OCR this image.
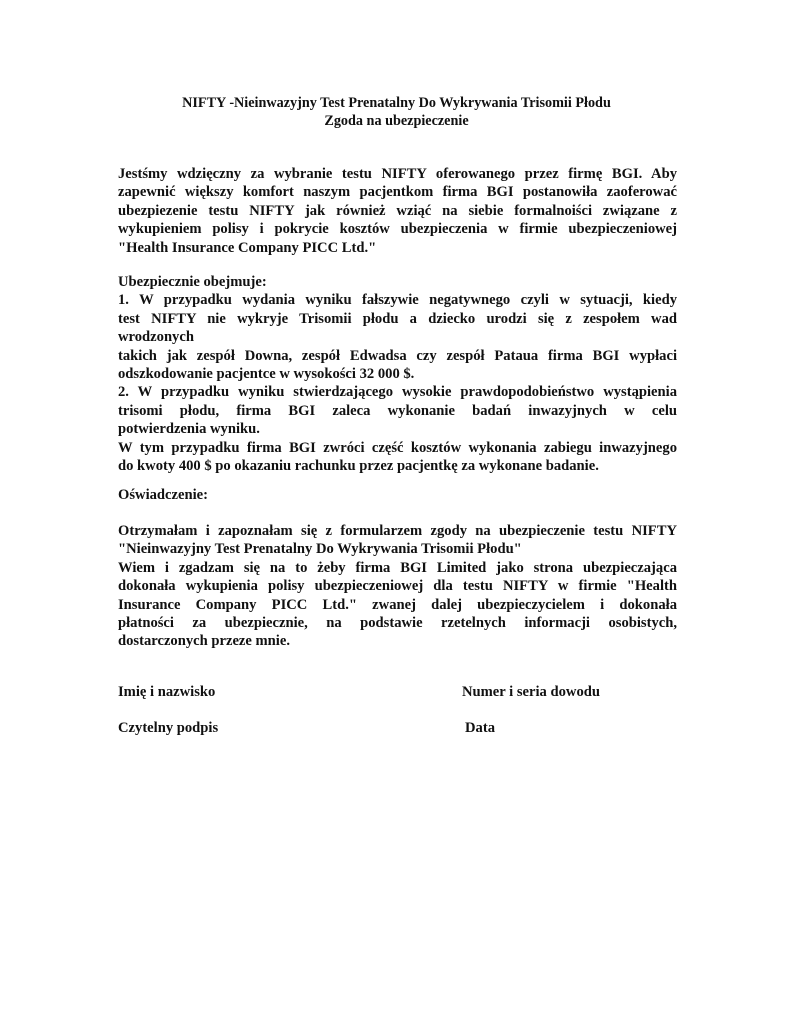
NIFTY -Nieinwazyjny Test Prenatalny Do Wykrywania Trisomii Płodu
Zgoda na ubezpieczenie
Jestśmy wdzięczny za wybranie testu NIFTY oferowanego przez firmę BGI. Aby
zapewnić większy komfort naszym pacjentkom firma BGI postanowiła zaoferować
ubezpiezenie testu NIFTY jak również wziąć na siebie formalnoiści związane z
wykupieniem polisy i pokrycie kosztów ubezpieczenia w firmie ubezpieczeniowej
"Health Insurance Company PICC Ltd."
Ubezpiecznie obejmuje:
1. W przypadku wydania wyniku fałszywie negatywnego czyli w sytuacji, kiedy
test NIFTY nie wykryje Trisomii płodu a dziecko urodzi się z zespołem wad
wrodzonych
takich jak zespół Downa, zespół Edwadsa czy zespół Pataua firma BGI wypłaci
odszkodowanie pacjentce w wysokości 32 000 $.
2. W przypadku wyniku stwierdzającego wysokie prawdopodobieństwo wystąpienia
trisomi płodu, firma BGI zaleca wykonanie badań inwazyjnych w celu
potwierdzenia wyniku.
W tym przypadku firma BGI zwróci część kosztów wykonania zabiegu inwazyjnego
do kwoty 400 $ po okazaniu rachunku przez pacjentkę za wykonane badanie.
Oświadczenie:
Otrzymałam i zapoznałam się z formularzem zgody na ubezpieczenie testu NIFTY
"Nieinwazyjny Test Prenatalny Do Wykrywania Trisomii Płodu"
Wiem i zgadzam się na to żeby firma BGI Limited jako strona ubezpieczająca
dokonała wykupienia polisy ubezpieczeniowej dla testu NIFTY w firmie "Health
Insurance Company PICC Ltd." zwanej dalej ubezpieczycielem i dokonała
płatności za ubezpiecznie, na podstawie rzetelnych informacji osobistych,
dostarczonych przeze mnie.
Imię i nazwisko	Numer i seria dowodu
Czytelny podpis	Data
